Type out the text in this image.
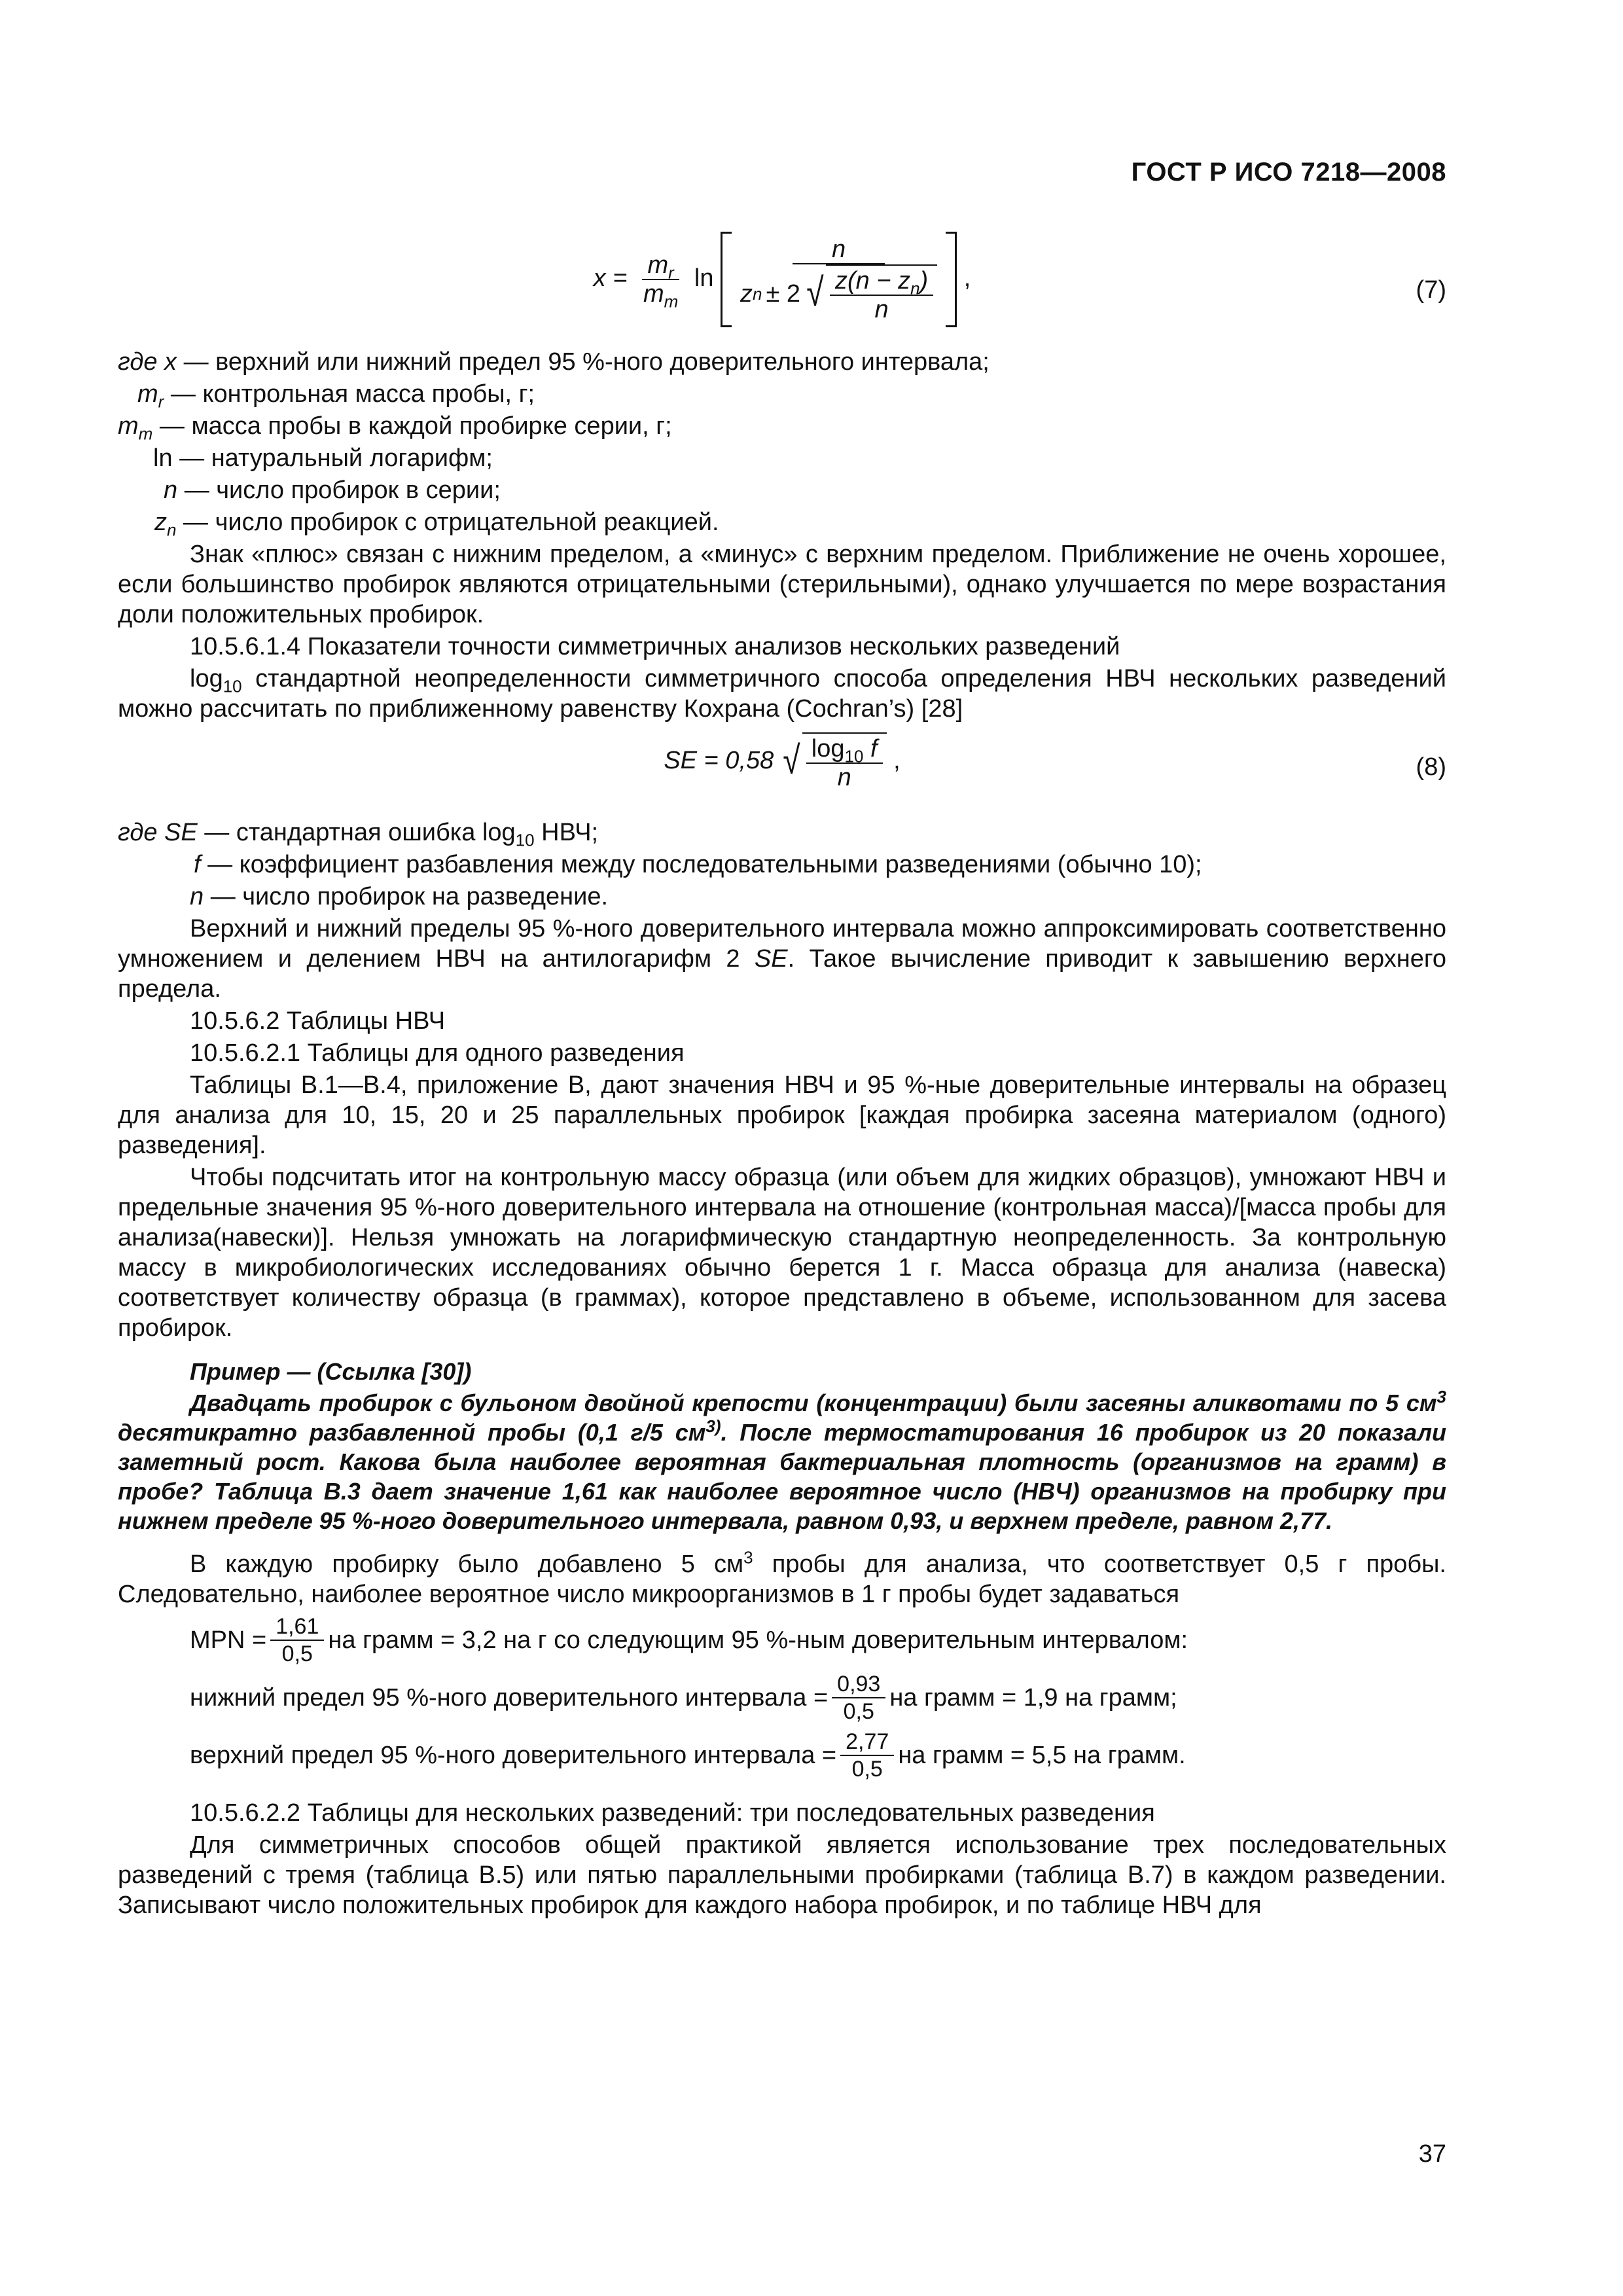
ГОСТ Р ИСО 7218—2008
$x = \frac{m_r}{m_m}$ ln
n
z n ± 2 √ $\frac{z(n - z_n)}{n}$ ,	(7)
где x — верхний или нижний предел 95 %-ного доверительного интервала;
$m_r$ — контрольная масса пробы, г;
$m_m$ — масса пробы в каждой пробирке серии, г;
ln — натуральный логарифм;
n — число пробирок в серии;
$z_n$ — число пробирок с отрицательной реакцией.

Знак «плюс» связан с нижним пределом, а «минус» с верхним пределом. Приближение не очень хорошее, если большинство пробирок являются отрицательными (стерильными), однако улучшается по мере возрастания доли положительных пробирок.

10.5.6.1.4 Показатели точности симметричных анализов нескольких разведений

$\log_{10}$ стандартной неопределенности симметричного способа определения НВЧ нескольких разведений можно рассчитать по приближенному равенству Кохрана (Cochran’s) [28]

SE = 0,58 √ $\frac{\log_{10} f}{n}$ ,	(8)
где SE — стандартная ошибка $\log_{10}$ НВЧ;
f — коэффициент разбавления между последовательными разведениями (обычно 10);
n — число пробирок на разведение.

Верхний и нижний пределы 95 %-ного доверительного интервала можно аппроксимировать соответственно умножением и делением НВЧ на антилогарифм 2 SE. Такое вычисление приводит к завышению верхнего предела.

10.5.6.2 Таблицы НВЧ

10.5.6.2.1 Таблицы для одного разведения

Таблицы В.1—В.4, приложение В, дают значения НВЧ и 95 %-ные доверительные интервалы на образец для анализа для 10, 15, 20 и 25 параллельных пробирок [каждая пробирка засеяна материалом (одного) разведения].

Чтобы подсчитать итог на контрольную массу образца (или объем для жидких образцов), умножают НВЧ и предельные значения 95 %-ного доверительного интервала на отношение (контрольная масса)/[масса пробы для анализа(навески)]. Нельзя умножать на логарифмическую стандартную неопределенность. За контрольную массу в микробиологических исследованиях обычно берется 1 г. Масса образца для анализа (навеска) соответствует количеству образца (в граммах), которое представлено в объеме, использованном для засева пробирок.

Пример — (Ссылка [30])

Двадцать пробирок с бульоном двойной крепости (концентрации) были засеяны аликвотами по 5 $см^3$ десятикратно разбавленной пробы (0,1 г/5 $см^{3)}$. После термостатирования 16 пробирок из 20 показали заметный рост. Какова была наиболее вероятная бактериальная плотность (организмов на грамм) в пробе? Таблица В.3 дает значение 1,61 как наиболее вероятное число (НВЧ) организмов на пробирку при нижнем пределе 95 %-ного доверительного интервала, равном 0,93, и верхнем пределе, равном 2,77.

В каждую пробирку было добавлено 5 $см^3$ пробы для анализа, что соответствует 0,5 г пробы. Следовательно, наиболее вероятное число микроорганизмов в 1 г пробы будет задаваться

MPN = $\frac{1,61}{0,5}$ на грамм = 3,2 на г со следующим 95 %-ным доверительным интервалом:
нижний предел 95 %-ного доверительного интервала = $\frac{0,93}{0,5}$ на грамм = 1,9 на грамм;
верхний предел 95 %-ного доверительного интервала = $\frac{2,77}{0,5}$ на грамм = 5,5 на грамм.

10.5.6.2.2 Таблицы для нескольких разведений: три последовательных разведения

Для симметричных способов общей практикой является использование трех последовательных разведений с тремя (таблица В.5) или пятью параллельными пробирками (таблица В.7) в каждом разведении. Записывают число положительных пробирок для каждого набора пробирок, и по таблице НВЧ для

37
